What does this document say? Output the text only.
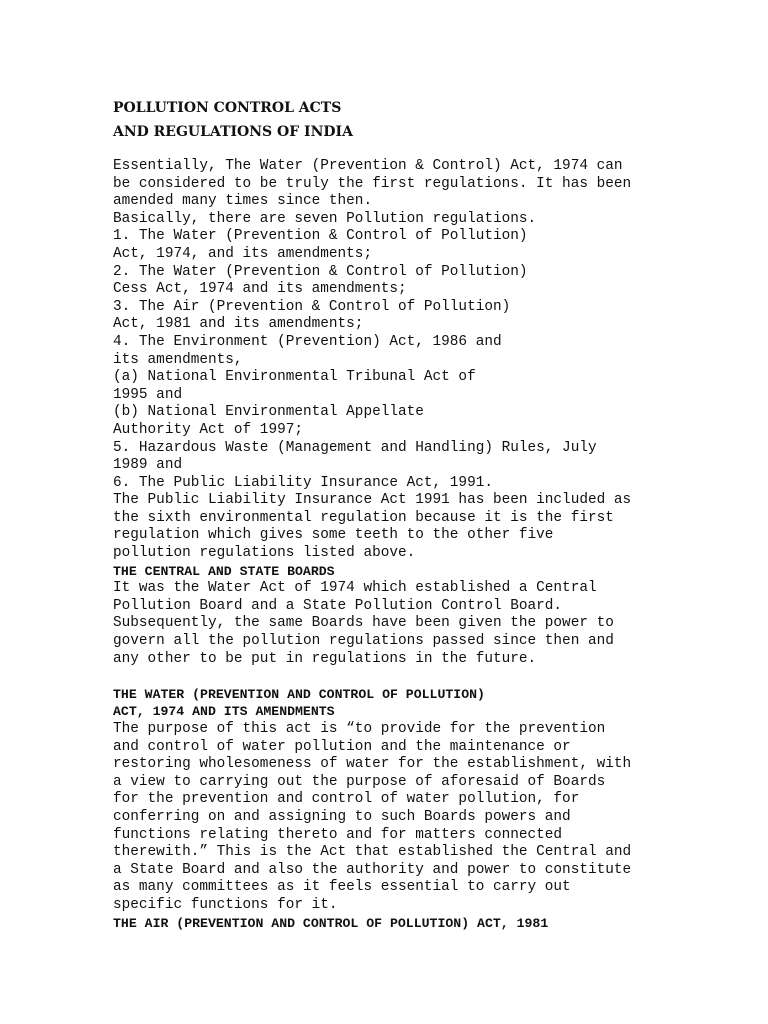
POLLUTION CONTROL ACTS
AND REGULATIONS OF INDIA
Essentially, The Water (Prevention & Control) Act, 1974 can
be considered to be truly the first regulations. It has been
amended many times since then.
Basically, there are seven Pollution regulations.
1. The Water (Prevention & Control of Pollution)
Act, 1974, and its amendments;
2. The Water (Prevention & Control of Pollution)
Cess Act, 1974 and its amendments;
3. The Air (Prevention & Control of Pollution)
Act, 1981 and its amendments;
4. The Environment (Prevention) Act, 1986 and
its amendments,
(a) National Environmental Tribunal Act of
1995 and
(b) National Environmental Appellate
Authority Act of 1997;
5. Hazardous Waste (Management and Handling) Rules, July
1989 and
6. The Public Liability Insurance Act, 1991.
The Public Liability Insurance Act 1991 has been included as
the sixth environmental regulation because it is the first
regulation which gives some teeth to the other five
pollution regulations listed above.
THE CENTRAL AND STATE BOARDS
It was the Water Act of 1974 which established a Central
Pollution Board and a State Pollution Control Board.
Subsequently, the same Boards have been given the power to
govern all the pollution regulations passed since then and
any other to be put in regulations in the future.
THE WATER (PREVENTION AND CONTROL OF POLLUTION)
ACT, 1974 AND ITS AMENDMENTS
The purpose of this act is “to provide for the prevention
and control of water pollution and the maintenance or
restoring wholesomeness of water for the establishment, with
a view to carrying out the purpose of aforesaid of Boards
for the prevention and control of water pollution, for
conferring on and assigning to such Boards powers and
functions relating thereto and for matters connected
therewith.” This is the Act that established the Central and
a State Board and also the authority and power to constitute
as many committees as it feels essential to carry out
specific functions for it.
THE AIR (PREVENTION AND CONTROL OF POLLUTION) ACT, 1981
